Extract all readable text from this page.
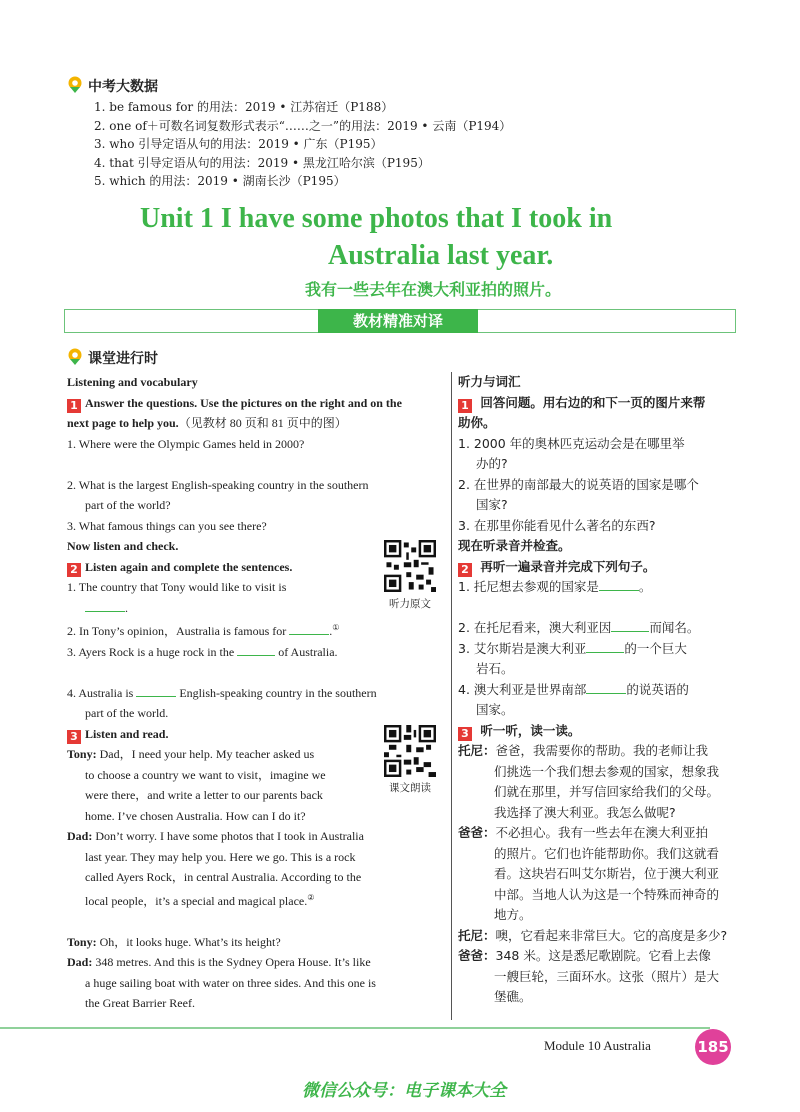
中考大数据
1. be famous for 的用法：2019 • 江苏宿迁（P188）
2. one of＋可数名词复数形式表示“……之一”的用法：2019 • 云南（P194）
3. who 引导定语从句的用法：2019 • 广东（P195）
4. that 引导定语从句的用法：2019 • 黑龙江哈尔滨（P195）
5. which 的用法：2019 • 湖南长沙（P195）
Unit 1 I have some photos that I took in
Australia last year.
我有一些去年在澳大利亚拍的照片。
教材精准对译
课堂进行时
Listening and vocabulary
1 Answer the questions. Use the pictures on the right and on the
next page to help you.（见教材 80 页和 81 页中的图）
1. Where were the Olympic Games held in 2000?

2. What is the largest English-speaking country in the southern
part of the world?
3. What famous things can you see there?
Now listen and check.
2 Listen again and complete the sentences.
1. The country that Tony would like to visit is
.
2. In Tony’s opinion，Australia is famous for	.①
3. Ayers Rock is a huge rock in the	of Australia.

4. Australia is	English-speaking country in the southern
part of the world.
3 Listen and read.
Tony: Dad，I need your help. My teacher asked us
to choose a country we want to visit，imagine we
were there，and write a letter to our parents back
home. I’ve chosen Australia. How can I do it?
Dad: Don’t worry. I have some photos that I took in Australia
last year. They may help you. Here we go. This is a rock
called Ayers Rock，in central Australia. According to the
local people，it’s a special and magical place.②

Tony: Oh，it looks huge. What’s its height?
Dad: 348 metres. And this is the Sydney Opera House. It’s like
a huge sailing boat with water on three sides. And this one is
the Great Barrier Reef.
听力原文
课文朗读
听力与词汇
1 回答问题。用右边的和下一页的图片来帮
助你。
1. 2000 年的奥林匹克运动会是在哪里举
办的?
2. 在世界的南部最大的说英语的国家是哪个
国家?
3. 在那里你能看见什么著名的东西?
现在听录音并检查。
2 再听一遍录音并完成下列句子。
1. 托尼想去参观的国家是	。

2. 在托尼看来，澳大利亚因	而闻名。
3. 艾尔斯岩是澳大利亚	的一个巨大
岩石。
4. 澳大利亚是世界南部	的说英语的
国家。
3 听一听，读一读。
托尼：爸爸，我需要你的帮助。我的老师让我
们挑选一个我们想去参观的国家，想象我
们就在那里，并写信回家给我们的父母。
我选择了澳大利亚。我怎么做呢?
爸爸：不必担心。我有一些去年在澳大利亚拍
的照片。它们也许能帮助你。我们这就看
看。这块岩石叫艾尔斯岩，位于澳大利亚
中部。当地人认为这是一个特殊而神奇的
地方。
托尼：噢，它看起来非常巨大。它的高度是多少?
爸爸：348 米。这是悉尼歌剧院。它看上去像
一艘巨轮，三面环水。这张（照片）是大
堡礁。
Module 10 Australia	185
微信公众号：电子课本大全
